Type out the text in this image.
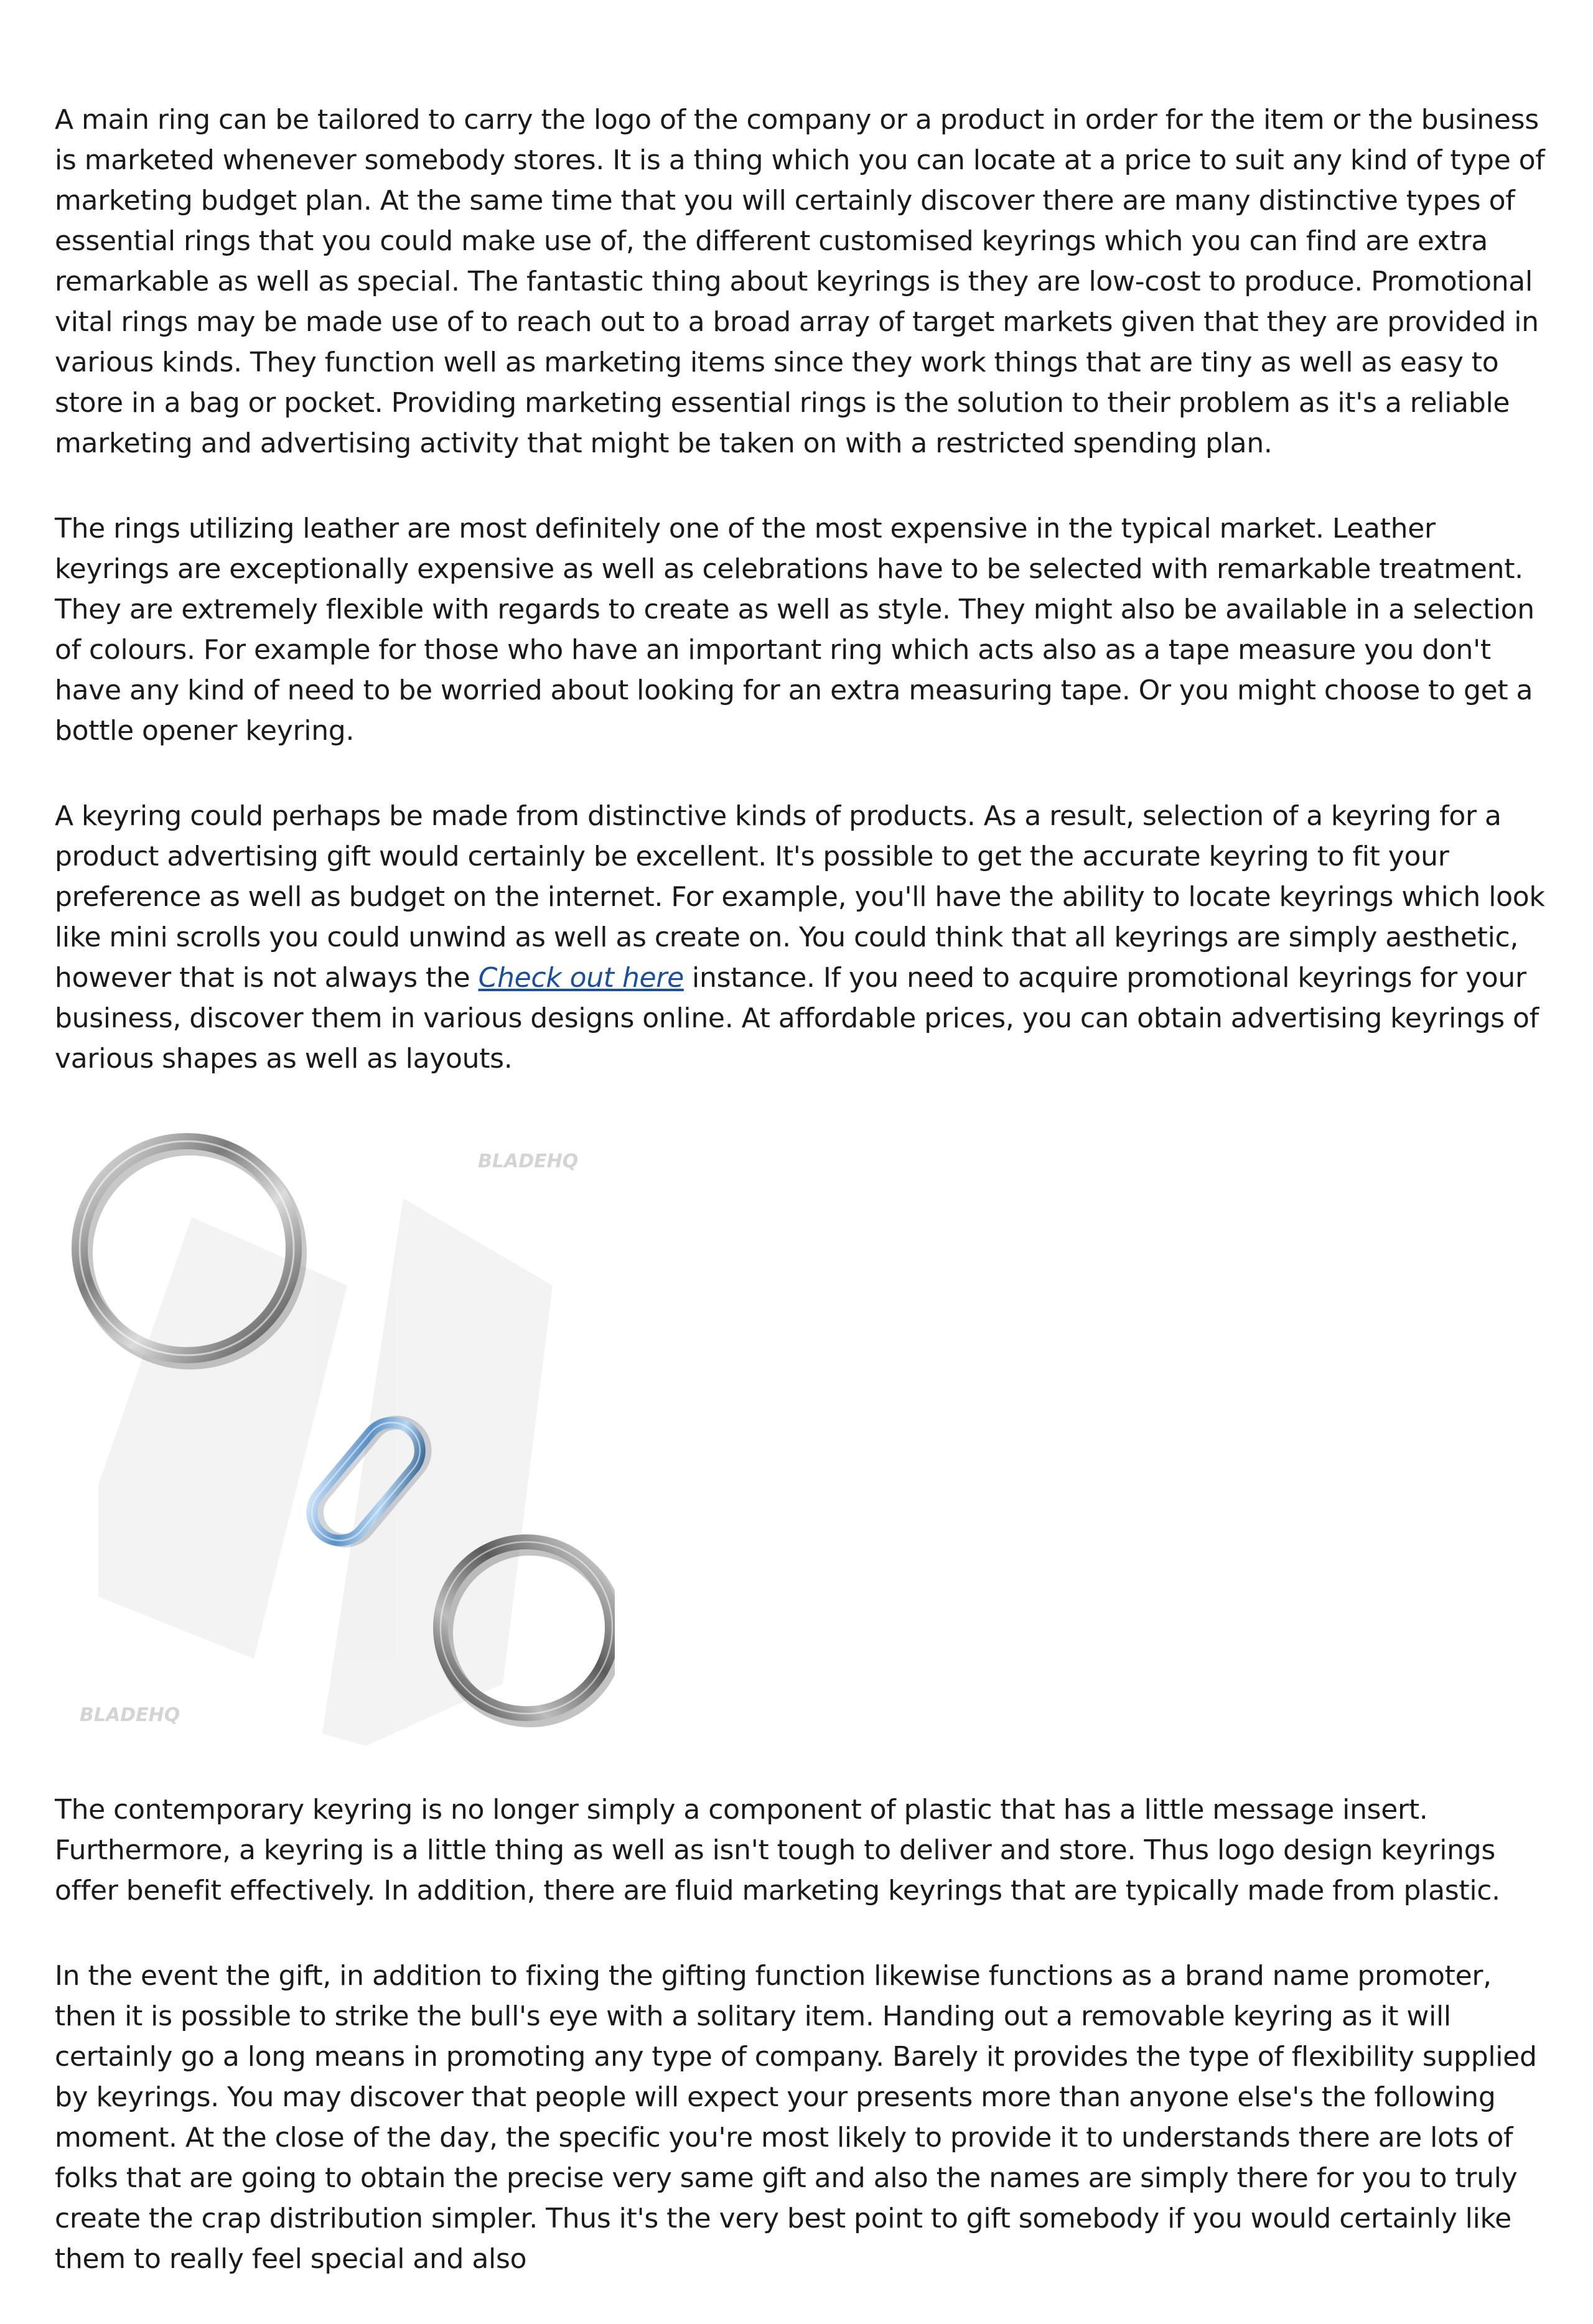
A main ring can be tailored to carry the logo of the company or a product in order for the item or the business is marketed whenever somebody stores. It is a thing which you can locate at a price to suit any kind of type of marketing budget plan. At the same time that you will certainly discover there are many distinctive types of essential rings that you could make use of, the different customised keyrings which you can find are extra remarkable as well as special. The fantastic thing about keyrings is they are low-cost to produce. Promotional vital rings may be made use of to reach out to a broad array of target markets given that they are provided in various kinds. They function well as marketing items since they work things that are tiny as well as easy to store in a bag or pocket. Providing marketing essential rings is the solution to their problem as it's a reliable marketing and advertising activity that might be taken on with a restricted spending plan.

The rings utilizing leather are most definitely one of the most expensive in the typical market. Leather keyrings are exceptionally expensive as well as celebrations have to be selected with remarkable treatment. They are extremely flexible with regards to create as well as style. They might also be available in a selection of colours. For example for those who have an important ring which acts also as a tape measure you don't have any kind of need to be worried about looking for an extra measuring tape. Or you might choose to get a bottle opener keyring.

A keyring could perhaps be made from distinctive kinds of products. As a result, selection of a keyring for a product advertising gift would certainly be excellent. It's possible to get the accurate keyring to fit your preference as well as budget on the internet. For example, you'll have the ability to locate keyrings which look like mini scrolls you could unwind as well as create on. You could think that all keyrings are simply aesthetic, however that is not always the Check out here instance. If you need to acquire promotional keyrings for your business, discover them in various designs online. At affordable prices, you can obtain advertising keyrings of various shapes as well as layouts.

BLADEHQ
BLADEHQ

The contemporary keyring is no longer simply a component of plastic that has a little message insert. Furthermore, a keyring is a little thing as well as isn't tough to deliver and store. Thus logo design keyrings offer benefit effectively. In addition, there are fluid marketing keyrings that are typically made from plastic.

In the event the gift, in addition to fixing the gifting function likewise functions as a brand name promoter, then it is possible to strike the bull's eye with a solitary item. Handing out a removable keyring as it will certainly go a long means in promoting any type of company. Barely it provides the type of flexibility supplied by keyrings. You may discover that people will expect your presents more than anyone else's the following moment. At the close of the day, the specific you're most likely to provide it to understands there are lots of folks that are going to obtain the precise very same gift and also the names are simply there for you to truly create the crap distribution simpler. Thus it's the very best point to gift somebody if you would certainly like them to really feel special and also
